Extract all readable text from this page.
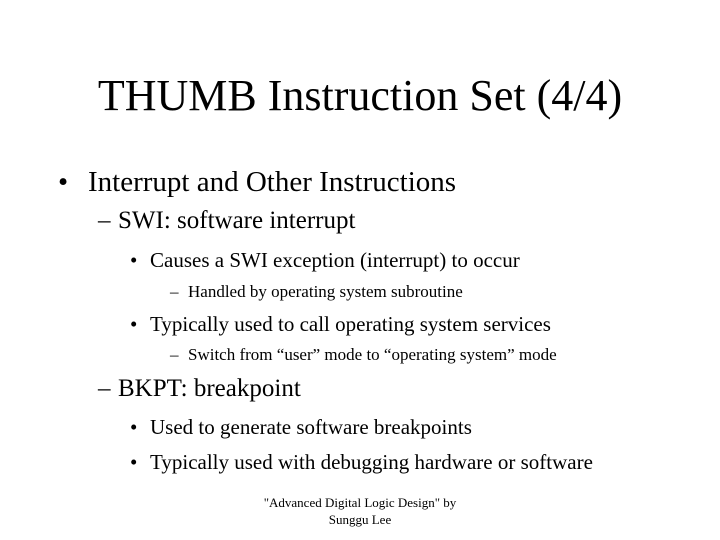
THUMB Instruction Set (4/4)
• Interrupt and Other Instructions
– SWI: software interrupt
• Causes a SWI exception (interrupt) to occur
– Handled by operating system subroutine
• Typically used to call operating system services
– Switch from “user” mode to “operating system” mode
– BKPT: breakpoint
• Used to generate software breakpoints
• Typically used with debugging hardware or software
"Advanced Digital Logic Design" by
Sunggu Lee
